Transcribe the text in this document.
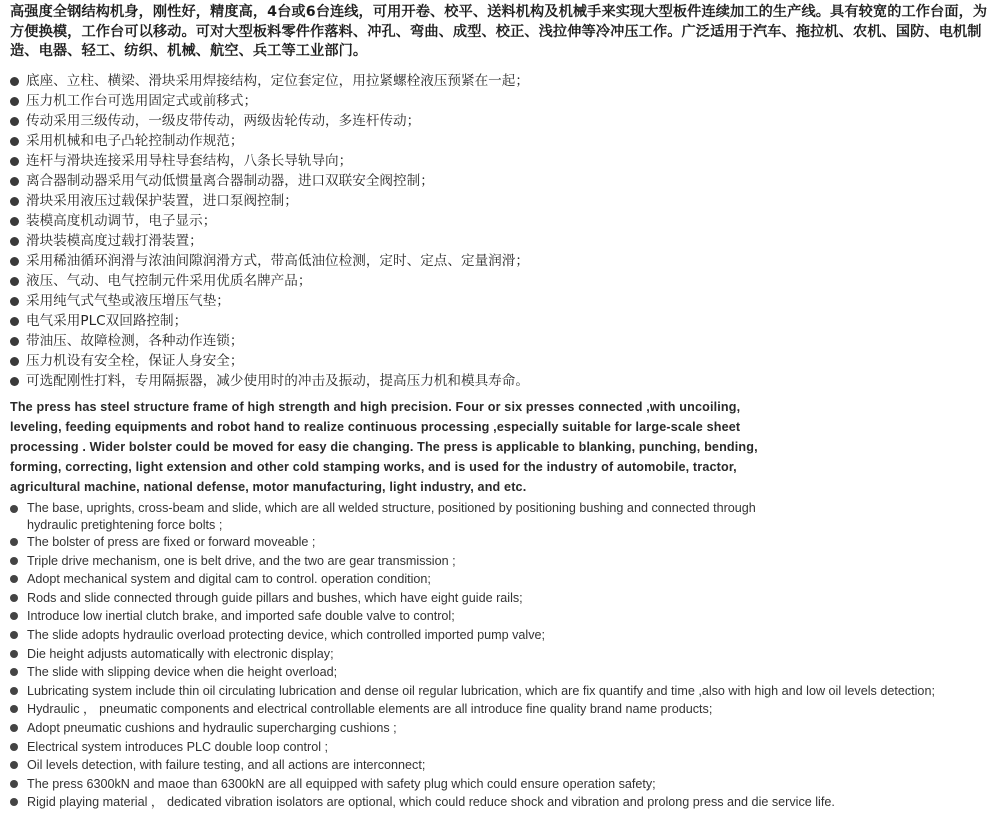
高强度全钢结构机身，刚性好，精度高，4台或6台连线，可用开卷、校平、送料机构及机械手来实现大型板件连续加工的生产线。具有较宽的工作台面，为方便换模，工作台可以移动。可对大型板料零件作落料、冲孔、弯曲、成型、校正、浅拉伸等冷冲压工作。广泛适用于汽车、拖拉机、农机、国防、电机制造、电器、轻工、纺织、机械、航空、兵工等工业部门。
底座、立柱、横梁、滑块采用焊接结构，定位套定位，用拉紧螺栓液压预紧在一起；
压力机工作台可选用固定式或前移式；
传动采用三级传动，一级皮带传动，两级齿轮传动，多连杆传动；
采用机械和电子凸轮控制动作规范；
连杆与滑块连接采用导柱导套结构，八条长导轨导向；
离合器制动器采用气动低惯量离合器制动器，进口双联安全阀控制；
滑块采用液压过载保护装置，进口泵阀控制；
装模高度机动调节，电子显示；
滑块装模高度过载打滑装置；
采用稀油循环润滑与浓油间隙润滑方式，带高低油位检测，定时、定点、定量润滑；
液压、气动、电气控制元件采用优质名牌产品；
采用纯气式气垫或液压增压气垫；
电气采用PLC双回路控制；
带油压、故障检测，各种动作连锁；
压力机设有安全栓，保证人身安全；
可选配刚性打料，专用隔振器，减少使用时的冲击及振动，提高压力机和模具寿命。
The press has steel structure frame of high strength and high precision. Four or six presses connected ,with uncoiling, leveling, feeding equipments and robot hand to realize continuous processing ,especially suitable for large-scale sheet processing . Wider bolster could be moved for easy die changing. The press is applicable to blanking, punching, bending, forming, correcting, light extension and other cold stamping works, and is used for the industry of automobile, tractor, agricultural machine, national defense, motor manufacturing, light industry, and etc.
The base, uprights, cross-beam and slide, which are all welded structure, positioned by positioning bushing and connected through hydraulic pretightening force bolts ;
The bolster of press are fixed or forward moveable ;
Triple drive mechanism, one is belt drive, and the two are gear transmission ;
Adopt mechanical system and digital cam to control. operation condition;
Rods and slide connected through guide pillars and bushes, which have eight guide rails;
Introduce low inertial clutch brake, and imported safe double valve to control;
The slide adopts hydraulic overload protecting device, which controlled imported pump valve;
Die height adjusts automatically with electronic display;
The slide with slipping device when die height overload;
Lubricating system include thin oil circulating lubrication and dense oil regular lubrication, which are fix quantify and time ,also with high and low oil levels detection;
Hydraulic ， pneumatic components and electrical controllable elements are all introduce fine quality brand name products;
Adopt pneumatic cushions and hydraulic supercharging cushions ;
Electrical system introduces PLC double loop control ;
Oil levels detection, with failure testing, and all actions are interconnect;
The press 6300kN and maoe than 6300kN are all equipped with safety plug which could ensure operation safety;
Rigid playing material ， dedicated vibration isolators are optional, which could reduce shock and vibration and prolong press and die service life.
